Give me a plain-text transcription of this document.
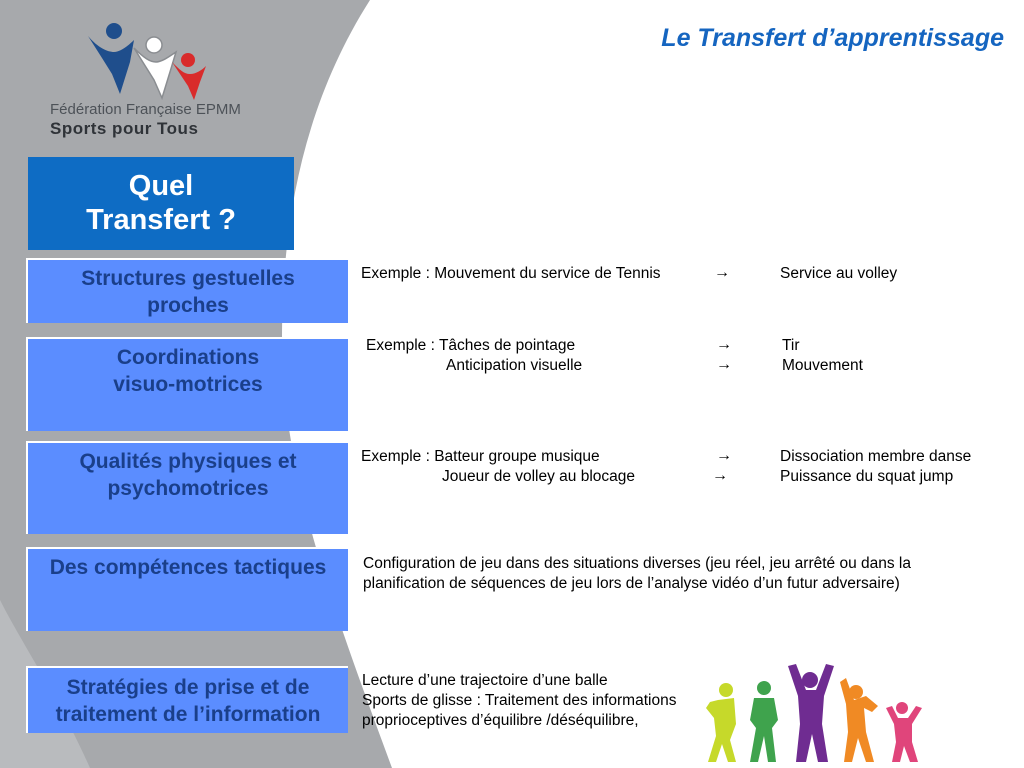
Le Transfert d’apprentissage
Fédération Française EPMM
Sports pour Tous
Quel
Transfert ?
Structures gestuelles
proches
Coordinations
visuo-motrices
Qualités physiques et
psychomotrices
Des compétences tactiques
Stratégies de prise et de
traitement de l’information
Exemple : Mouvement du service de Tennis	→	Service au volley
Exemple : Tâches de pointage
Anticipation visuelle
→
→
Tir
Mouvement
Exemple : Batteur groupe musique
Joueur de volley au blocage
→
→
Dissociation membre danse
Puissance du squat jump
Configuration de jeu dans des situations diverses (jeu réel, jeu arrêté ou dans la
planification de séquences de jeu lors de l’analyse vidéo d’un futur adversaire)
Lecture d’une trajectoire d’une balle
Sports de glisse : Traitement des informations
proprioceptives d’équilibre /déséquilibre,
